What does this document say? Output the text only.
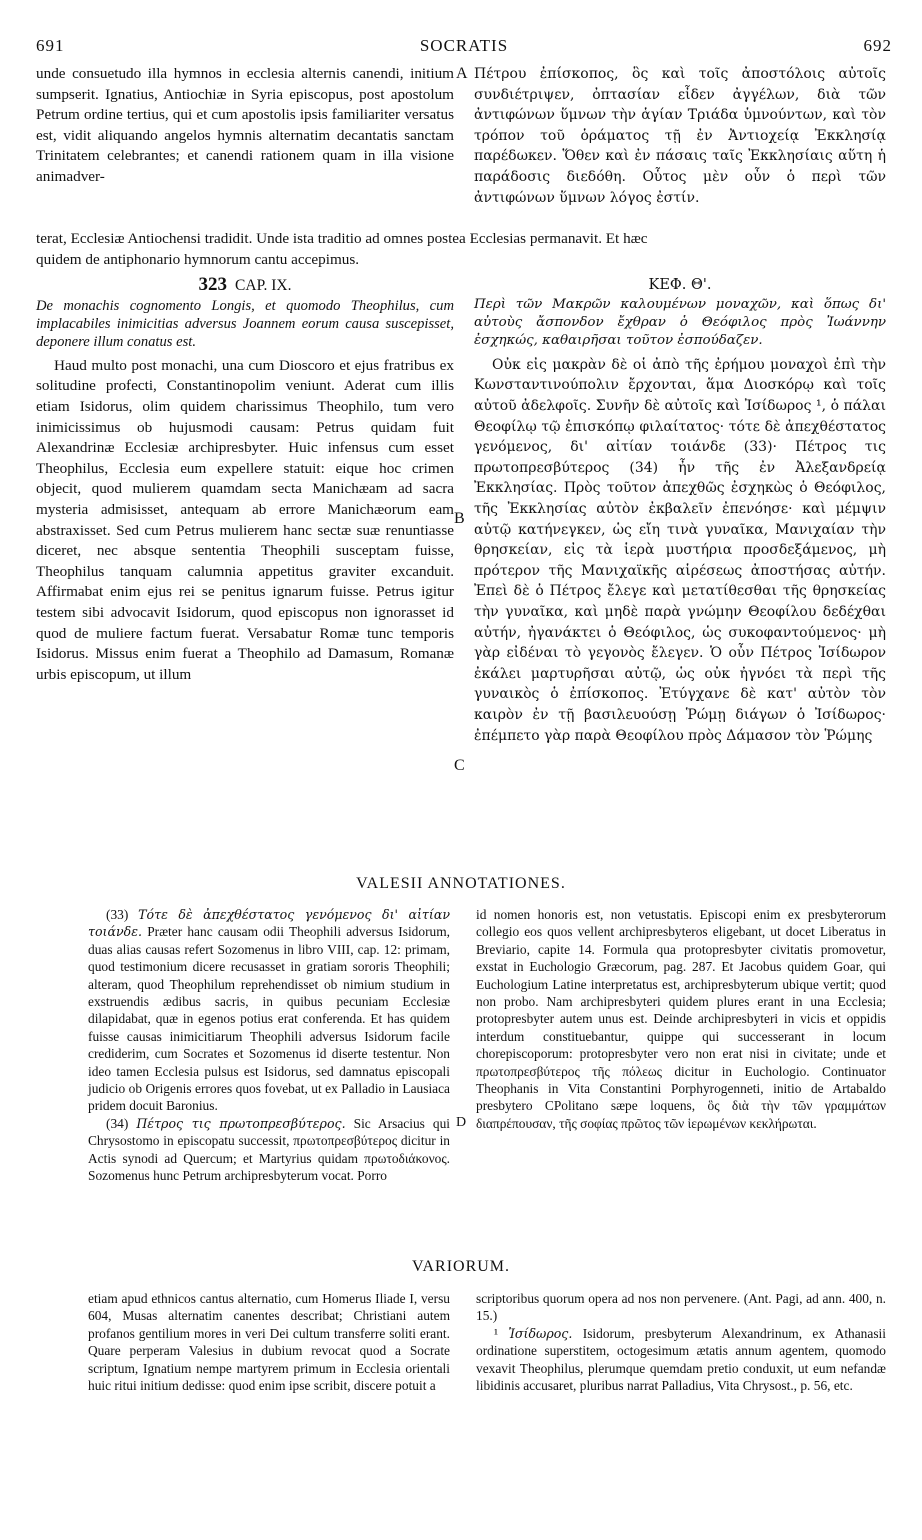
691	SOCRATIS	692

unde consuetudo illa hymnos in ecclesia alternis canendi, initium sumpserit. Ignatius, Antiochiæ in Syria episcopus, post apostolum Petrum ordine tertius, qui et cum apostolis ipsis familiariter versatus est, vidit aliquando angelos hymnis alternatim decantatis sanctam Trinitatem celebrantes; et canendi rationem quam in illa visione animadver-

A Πέτρου ἐπίσκοπος, ὃς καὶ τοῖς ἀποστόλοις αὐτοῖς συνδιέτριψεν, ὀπτασίαν εἶδεν ἀγγέλων, διὰ τῶν ἀντιφώνων ὕμνων τὴν ἁγίαν Τριάδα ὑμνούντων, καὶ τὸν τρόπον τοῦ ὁράματος τῇ ἐν Ἀντιοχείᾳ Ἐκκλησίᾳ παρέδωκεν. Ὅθεν καὶ ἐν πάσαις ταῖς Ἐκκλησίαις αὕτη ἡ παράδοσις διεδόθη. Οὗτος μὲν οὖν ὁ περὶ τῶν ἀντιφώνων ὕμνων λόγος ἐστίν.

terat, Ecclesiæ Antiochensi tradidit. Unde ista traditio ad omnes postea Ecclesias permanavit. Et hæc

quidem de antiphonario hymnorum cantu accepimus.

323 CAP. IX.

De monachis cognomento Longis, et quomodo Theophilus, cum implacabiles inimicitias adversus Joannem eorum causa suscepisset, deponere illum conatus est.

Haud multo post monachi, una cum Dioscoro et ejus fratribus ex solitudine profecti, Constantinopolim veniunt. Aderat cum illis etiam Isidorus, olim quidem charissimus Theophilo, tum vero inimicissimus ob hujusmodi causam: Petrus quidam fuit Alexandrinæ Ecclesiæ archipresbyter. Huic infensus cum esset Theophilus, Ecclesia eum expellere statuit: eique hoc crimen objecit, quod mulierem quamdam secta Manichæam ad sacra mysteria admisisset, antequam ab errore Manichæorum eam abstraxisset. Sed cum Petrus mulierem hanc sectæ suæ renuntiasse diceret, nec absque sententia Theophili susceptam fuisse, Theophilus tanquam calumnia appetitus graviter excanduit. Affirmabat enim ejus rei se penitus ignarum fuisse. Petrus igitur testem sibi advocavit Isidorum, quod episcopus non ignorasset id quod de muliere factum fuerat. Versabatur Romæ tunc temporis Isidorus. Missus enim fuerat a Theophilo ad Damasum, Romanæ urbis episcopum, ut illum

ΚΕΦ. Θ'.

Περὶ τῶν Μακρῶν καλουμένων μοναχῶν, καὶ ὅπως δι' αὐτοὺς ἄσπονδον ἔχθραν ὁ Θεόφιλος πρὸς Ἰωάννην ἐσχηκώς, καθαιρῆσαι τοῦτον ἐσπούδαζεν.

Οὐκ εἰς μακρὰν δὲ οἱ ἀπὸ τῆς ἐρήμου μοναχοὶ ἐπὶ τὴν Κωνσταντινούπολιν ἔρχονται, ἅμα Διοσκόρῳ καὶ τοῖς αὐτοῦ ἀδελφοῖς. Συνῆν δὲ αὐτοῖς καὶ Ἰσίδωρος ¹, ὁ πάλαι Θεοφίλῳ τῷ ἐπισκόπῳ φιλαίτατος· τότε δὲ ἀπεχθέστατος γενόμενος, δι' αἰτίαν τοιάνδε (33)· Πέτρος τις πρωτοπρεσβύτερος (34) ἦν τῆς ἐν Ἀλεξανδρείᾳ Ἐκκλησίας. Πρὸς τοῦτον ἀπεχθῶς ἐσχηκὼς ὁ Θεόφιλος, τῆς Ἐκκλησίας αὐτὸν ἐκβαλεῖν ἐπενόησε· καὶ μέμψιν αὐτῷ κατήνεγκεν, ὡς εἴη τινὰ γυναῖκα, Μανιχαίαν τὴν θρησκείαν, εἰς τὰ ἱερὰ μυστήρια προσδεξάμενος, μὴ πρότερον τῆς Μανιχαϊκῆς αἱρέσεως ἀποστήσας αὐτήν. Ἐπεὶ δὲ ὁ Πέτρος ἔλεγε καὶ μετατίθεσθαι τῆς θρησκείας τὴν γυναῖκα, καὶ μηδὲ παρὰ γνώμην Θεοφίλου δεδέχθαι αὐτήν, ἠγανάκτει ὁ Θεόφιλος, ὡς συκοφαντούμενος· μὴ γὰρ εἰδέναι τὸ γεγονὸς ἔλεγεν. Ὁ οὖν Πέτρος Ἰσίδωρον ἐκάλει μαρτυρῆσαι αὐτῷ, ὡς οὐκ ἠγνόει τὰ περὶ τῆς γυναικὸς ὁ ἐπίσκοπος. Ἐτύγχανε δὲ κατ' αὐτὸν τὸν καιρὸν ἐν τῇ βασιλευούσῃ Ῥώμῃ διάγων ὁ Ἰσίδωρος· ἐπέμπετο γὰρ παρὰ Θεοφίλου πρὸς Δάμασον τὸν Ῥώμης

B
C
VALESII ANNOTATIONES.

(33) Τότε δὲ ἀπεχθέστατος γενόμενος δι' αἰτίαν τοιάνδε. Præter hanc causam odii Theophili adversus Isidorum, duas alias causas refert Sozomenus in libro VIII, cap. 12: primam, quod testimonium dicere recusasset in gratiam sororis Theophili; alteram, quod Theophilum reprehendisset ob nimium studium in exstruendis ædibus sacris, in quibus pecuniam Ecclesiæ dilapidabat, quæ in egenos potius erat conferenda. Et has quidem fuisse causas inimicitiarum Theophili adversus Isidorum facile crediderim, cum Socrates et Sozomenus id diserte testentur. Non ideo tamen Ecclesia pulsus est Isidorus, sed damnatus episcopali judicio ob Origenis errores quos fovebat, ut ex Palladio in Lausiaca pridem docuit Baronius.

(34) Πέτρος τις πρωτοπρεσβύτερος. Sic Arsacius qui Chrysostomo in episcopatu successit, πρωτοπρεσβύτερος dicitur in Actis synodi ad Quercum; et Martyrius quidam πρωτοδιάκονος. Sozomenus hunc Petrum archipresbyterum vocat. Porro

D

id nomen honoris est, non vetustatis. Episcopi enim ex presbyterorum collegio eos quos vellent archipresbyteros eligebant, ut docet Liberatus in Breviario, capite 14. Formula qua protopresbyter civitatis promovetur, exstat in Euchologio Græcorum, pag. 287. Et Jacobus quidem Goar, qui Euchologium Latine interpretatus est, archipresbyterum ubique vertit; quod non probo. Nam archipresbyteri quidem plures erant in una Ecclesia; protopresbyter autem unus est. Deinde archipresbyteri in vicis et oppidis interdum constituebantur, quippe qui successerant in locum chorepiscoporum: protopresbyter vero non erat nisi in civitate; unde et πρωτοπρεσβύτερος τῆς πόλεως dicitur in Euchologio. Continuator Theophanis in Vita Constantini Porphyrogenneti, initio de Artabaldo presbytero CPolitano sæpe loquens, ὃς διὰ τὴν τῶν γραμμάτων διαπρέπουσαν, τῆς σοφίας πρῶτος τῶν ἱερωμένων κεκλήρωται.

VARIORUM.

etiam apud ethnicos cantus alternatio, cum Homerus Iliade I, versu 604, Musas alternatim canentes describat; Christiani autem profanos gentilium mores in veri Dei cultum transferre soliti erant. Quare perperam Valesius in dubium revocat quod a Socrate scriptum, Ignatium nempe martyrem primum in Ecclesia orientali huic ritui initium dedisse: quod enim ipse scribit, discere potuit a

scriptoribus quorum opera ad nos non pervenere. (Ant. Pagi, ad ann. 400, n. 15.)

¹ Ἰσίδωρος. Isidorum, presbyterum Alexandrinum, ex Athanasii ordinatione superstitem, octogesimum ætatis annum agentem, quomodo vexavit Theophilus, plerumque quemdam pretio conduxit, ut eum nefandæ libidinis accusaret, pluribus narrat Palladius, Vita Chrysost., p. 56, etc.
